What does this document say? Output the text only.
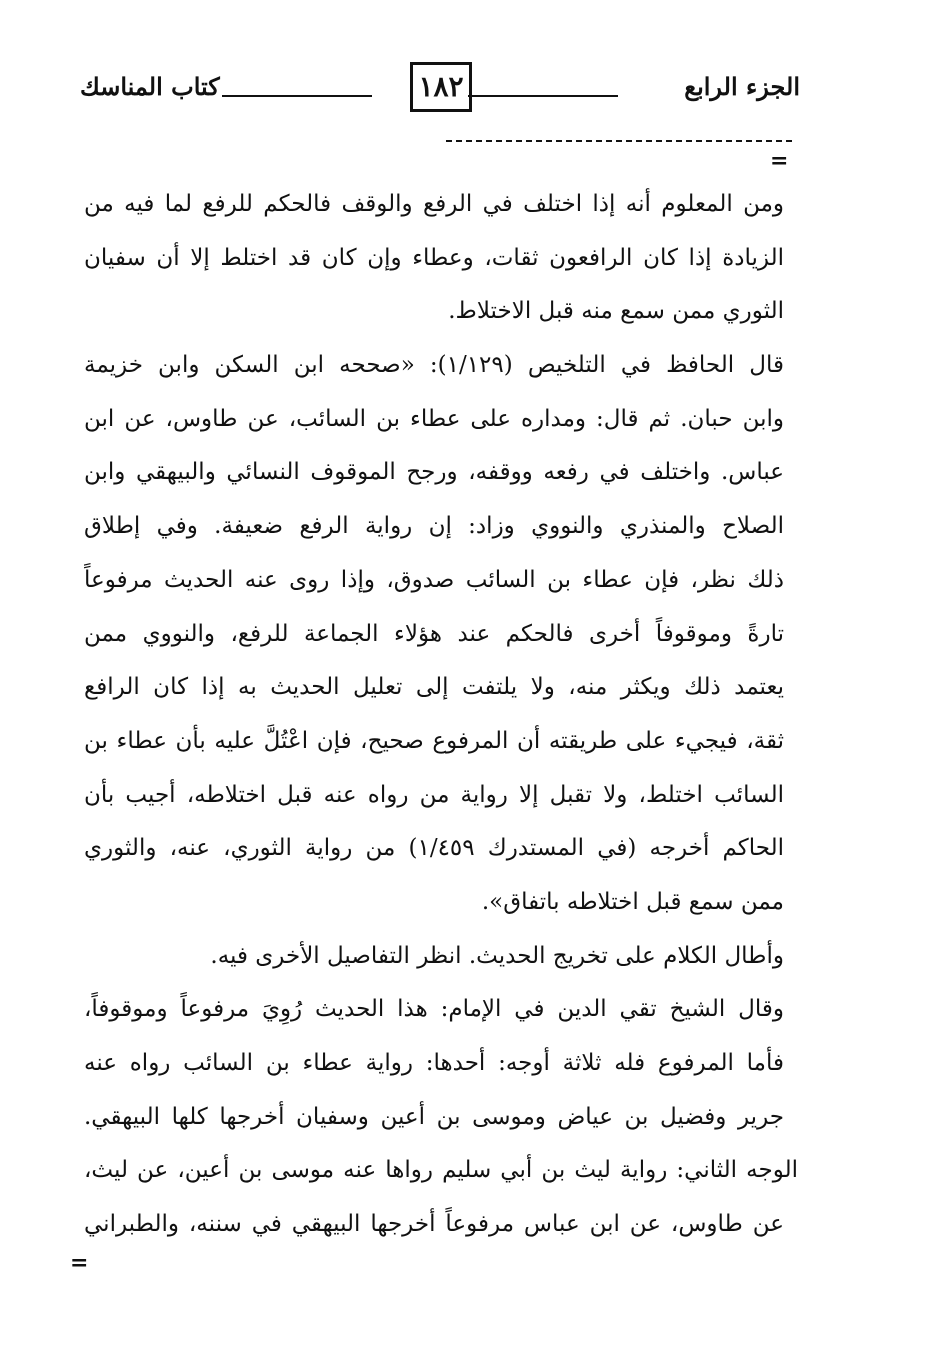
الجزء الرابع
١٨٢
كتاب المناسك
=
ومن المعلوم أنه إذا اختلف في الرفع والوقف فالحكم للرفع لما فيه من
الزيادة إذا كان الرافعون ثقات، وعطاء وإن كان قد اختلط إلا أن سفيان
الثوري ممن سمع منه قبل الاختلاط.
قال الحافظ في التلخيص (١/١٢٩): «صححه ابن السكن وابن خزيمة
وابن حبان. ثم قال: ومداره على عطاء بن السائب، عن طاوس، عن ابن
عباس. واختلف في رفعه ووقفه، ورجح الموقوف النسائي والبيهقي وابن
الصلاح والمنذري والنووي وزاد: إن رواية الرفع ضعيفة. وفي إطلاق
ذلك نظر، فإن عطاء بن السائب صدوق، وإذا روى عنه الحديث مرفوعاً
تارةً وموقوفاً أخرى فالحكم عند هؤلاء الجماعة للرفع، والنووي ممن
يعتمد ذلك ويكثر منه، ولا يلتفت إلى تعليل الحديث به إذا كان الرافع
ثقة، فيجيء على طريقته أن المرفوع صحيح، فإن اعْتُلَّ عليه بأن عطاء بن
السائب اختلط، ولا تقبل إلا رواية من رواه عنه قبل اختلاطه، أجيب بأن
الحاكم أخرجه (في المستدرك ١/٤٥٩) من رواية الثوري، عنه، والثوري
ممن سمع قبل اختلاطه باتفاق».
وأطال الكلام على تخريج الحديث. انظر التفاصيل الأخرى فيه.
وقال الشيخ تقي الدين في الإمام: هذا الحديث رُوِيَ مرفوعاً وموقوفاً،
فأما المرفوع فله ثلاثة أوجه: أحدها: رواية عطاء بن السائب رواه عنه
جرير وفضيل بن عياض وموسى بن أعين وسفيان أخرجها كلها البيهقي.
الوجه الثاني: رواية ليث بن أبي سليم رواها عنه موسى بن أعين، عن ليث،
عن طاوس، عن ابن عباس مرفوعاً أخرجها البيهقي في سننه، والطبراني
=
